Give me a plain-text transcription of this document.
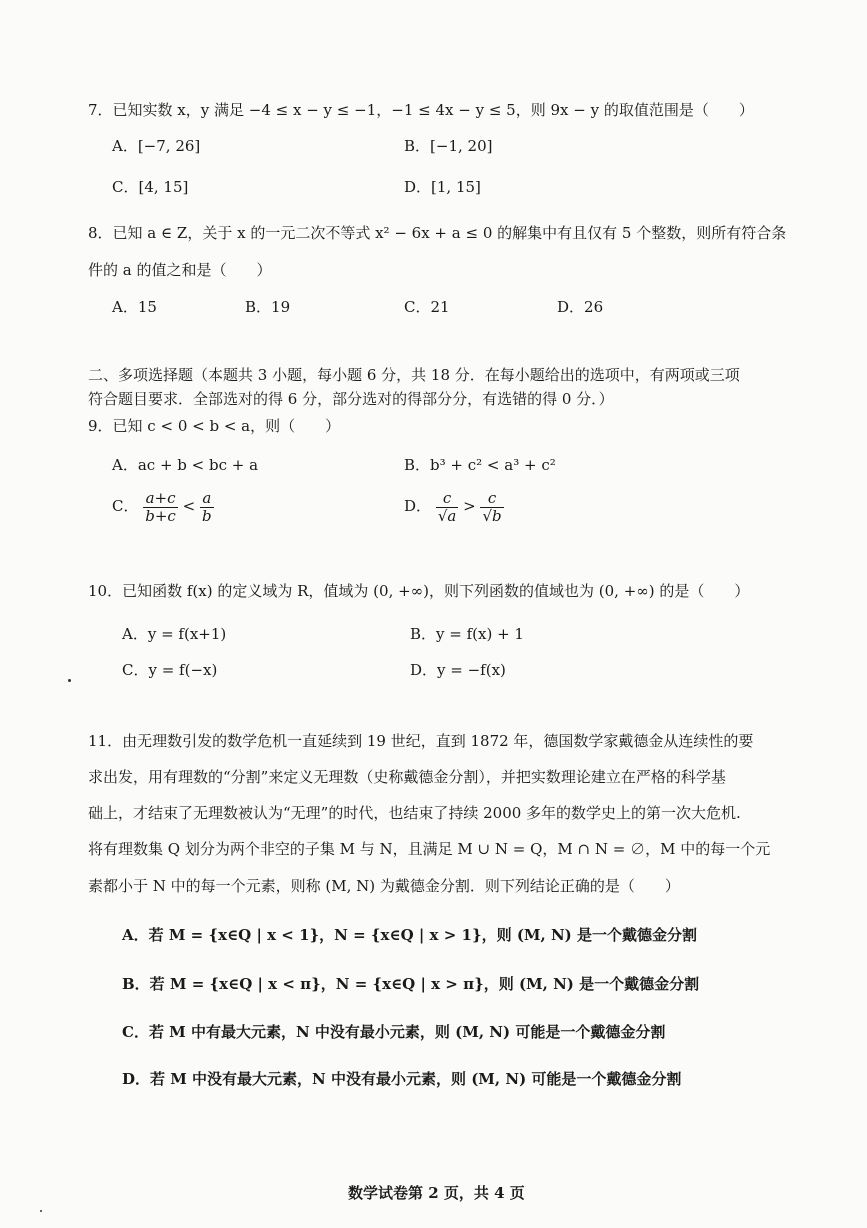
7．已知实数 x，y 满足 −4 ≤ x − y ≤ −1，−1 ≤ 4x − y ≤ 5，则 9x − y 的取值范围是（　　）
A．[−7, 26]	B．[−1, 20]
C．[4, 15]	D．[1, 15]
8．已知 a ∈ Z，关于 x 的一元二次不等式 x² − 6x + a ≤ 0 的解集中有且仅有 5 个整数，则所有符合条
件的 a 的值之和是（　　）
A．15	B．19	C．21	D．26
二、多项选择题（本题共 3 小题，每小题 6 分，共 18 分．在每小题给出的选项中，有两项或三项
符合题目要求．全部选对的得 6 分，部分选对的得部分分，有选错的得 0 分．）
9．已知 c < 0 < b < a，则（　　）
A．ac + b < bc + a	B．b³ + c² < a³ + c²
C． $\frac{a+c}{b+c} < \frac{a}{b}$	D． $\frac{c}{√a} > \frac{c}{√b}$
10．已知函数 f(x) 的定义域为 R，值域为 (0, +∞)，则下列函数的值域也为 (0, +∞) 的是（　　）
A．y = f(x+1)	B．y = f(x) + 1
C．y = f(−x)	D．y = −f(x)
11．由无理数引发的数学危机一直延续到 19 世纪，直到 1872 年，德国数学家戴德金从连续性的要
求出发，用有理数的“分割”来定义无理数（史称戴德金分割），并把实数理论建立在严格的科学基
础上，才结束了无理数被认为“无理”的时代，也结束了持续 2000 多年的数学史上的第一次大危机.
将有理数集 Q 划分为两个非空的子集 M 与 N，且满足 M ∪ N = Q，M ∩ N = ∅，M 中的每一个元
素都小于 N 中的每一个元素，则称 (M, N) 为戴德金分割．则下列结论正确的是（　　）
A．若 M = {x∈Q | x < 1}，N = {x∈Q | x > 1}，则 (M, N) 是一个戴德金分割
B．若 M = {x∈Q | x < π}，N = {x∈Q | x > π}，则 (M, N) 是一个戴德金分割
C．若 M 中有最大元素，N 中没有最小元素，则 (M, N) 可能是一个戴德金分割
D．若 M 中没有最大元素，N 中没有最小元素，则 (M, N) 可能是一个戴德金分割
数学试卷第 2 页，共 4 页
